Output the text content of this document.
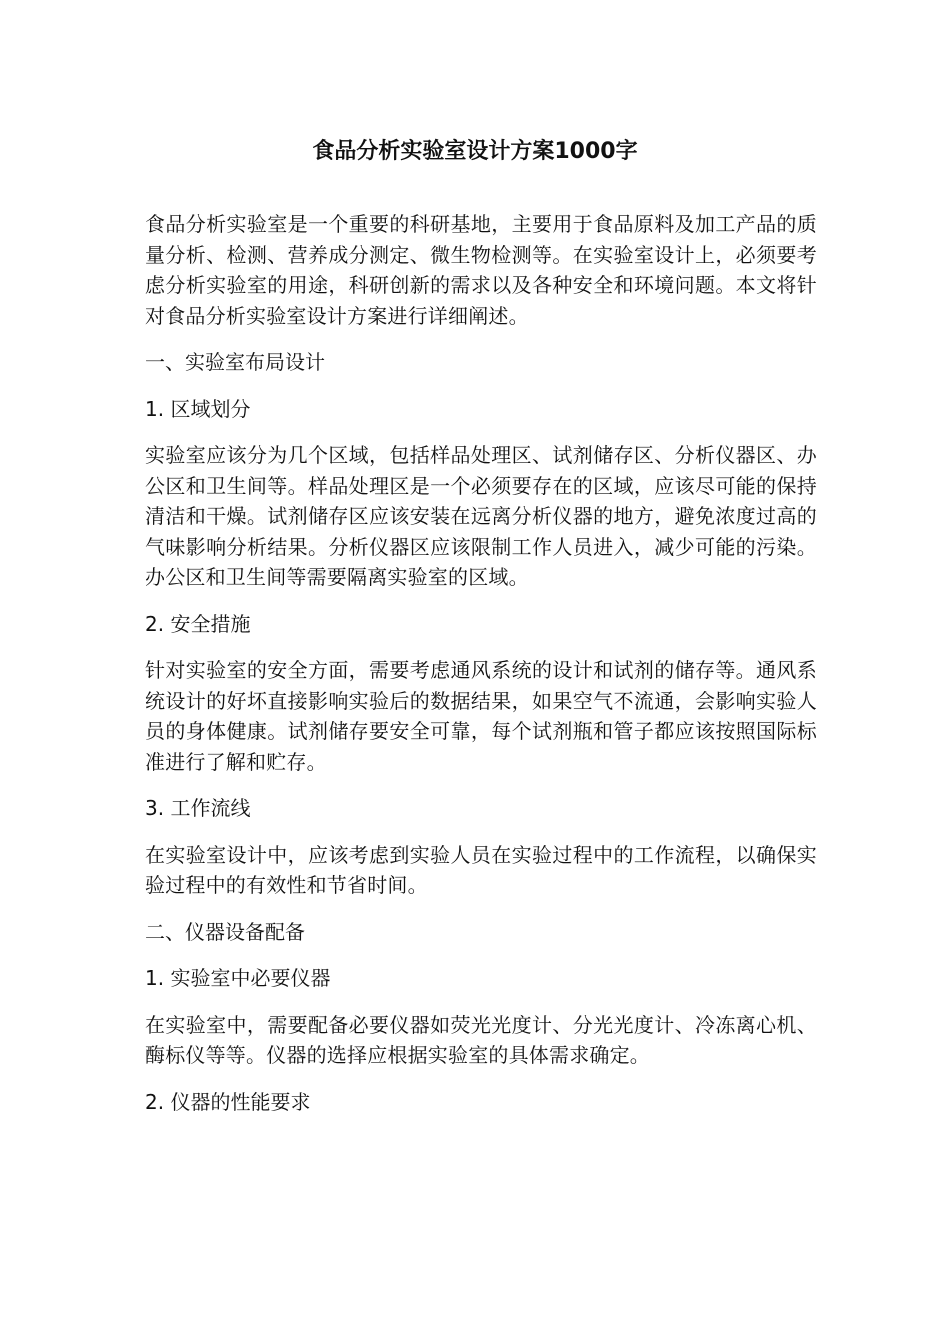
食品分析实验室设计方案1000字

食品分析实验室是一个重要的科研基地，主要用于食品原料及加工产品的质量分析、检测、营养成分测定、微生物检测等。在实验室设计上，必须要考虑分析实验室的用途，科研创新的需求以及各种安全和环境问题。本文将针对食品分析实验室设计方案进行详细阐述。

一、实验室布局设计

1. 区域划分

实验室应该分为几个区域，包括样品处理区、试剂储存区、分析仪器区、办公区和卫生间等。样品处理区是一个必须要存在的区域，应该尽可能的保持清洁和干燥。试剂储存区应该安装在远离分析仪器的地方，避免浓度过高的气味影响分析结果。分析仪器区应该限制工作人员进入，减少可能的污染。办公区和卫生间等需要隔离实验室的区域。

2. 安全措施

针对实验室的安全方面，需要考虑通风系统的设计和试剂的储存等。通风系统设计的好坏直接影响实验后的数据结果，如果空气不流通，会影响实验人员的身体健康。试剂储存要安全可靠，每个试剂瓶和管子都应该按照国际标准进行了解和贮存。

3. 工作流线

在实验室设计中，应该考虑到实验人员在实验过程中的工作流程，以确保实验过程中的有效性和节省时间。

二、仪器设备配备

1. 实验室中必要仪器

在实验室中，需要配备必要仪器如荧光光度计、分光光度计、冷冻离心机、酶标仪等等。仪器的选择应根据实验室的具体需求确定。

2. 仪器的性能要求
